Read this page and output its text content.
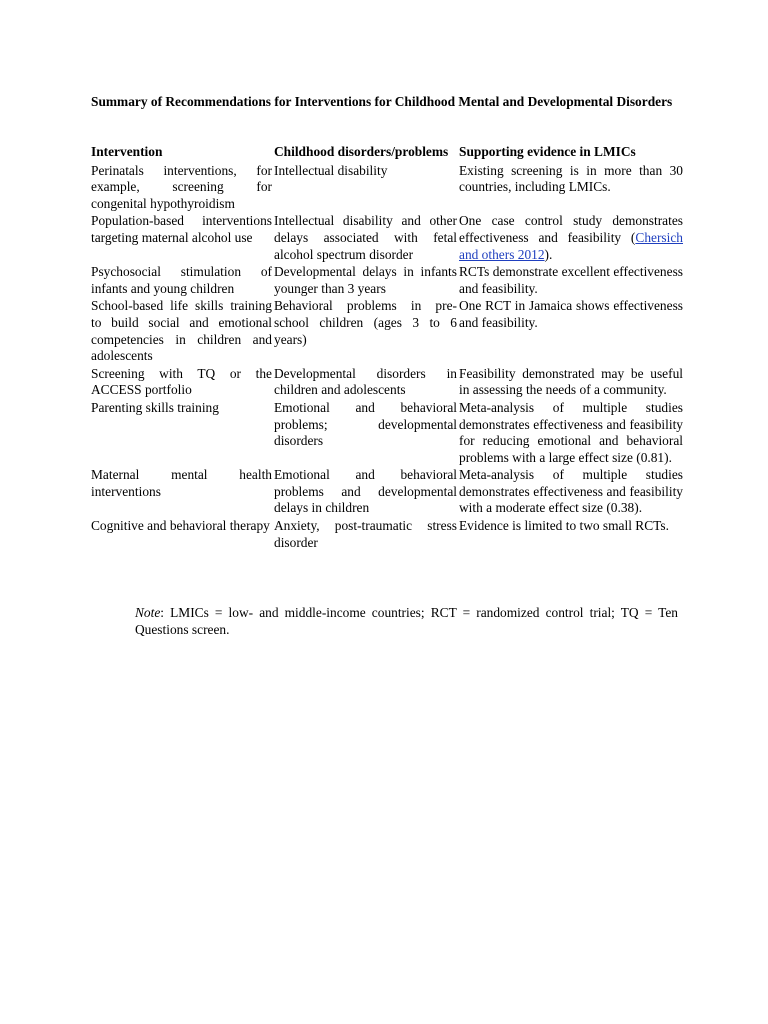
Summary of Recommendations for Interventions for Childhood Mental and Developmental Disorders

Intervention	Childhood disorders/problems	Supporting evidence in LMICs
Perinatals interventions, for example, screening for congenital hypothyroidism	Intellectual disability	Existing screening is in more than 30 countries, including LMICs.
Population-based interventions targeting maternal alcohol use	Intellectual disability and other delays associated with fetal alcohol spectrum disorder	One case control study demonstrates effectiveness and feasibility (Chersich and others 2012).
Psychosocial stimulation of infants and young children	Developmental delays in infants younger than 3 years	RCTs demonstrate excellent effectiveness and feasibility.
School-based life skills training to build social and emotional competencies in children and adolescents	Behavioral problems in pre-school children (ages 3 to 6 years)	One RCT in Jamaica shows effectiveness and feasibility.
Screening with TQ or the ACCESS portfolio	Developmental disorders in children and adolescents	Feasibility demonstrated may be useful in assessing the needs of a community.
Parenting skills training	Emotional and behavioral problems; developmental disorders	Meta-analysis of multiple studies demonstrates effectiveness and feasibility for reducing emotional and behavioral problems with a large effect size (0.81).
Maternal mental health interventions	Emotional and behavioral problems and developmental delays in children	Meta-analysis of multiple studies demonstrates effectiveness and feasibility with a moderate effect size (0.38).
Cognitive and behavioral therapy	Anxiety, post-traumatic stress disorder	Evidence is limited to two small RCTs.

Note: LMICs = low- and middle-income countries; RCT = randomized control trial; TQ = Ten Questions screen.
